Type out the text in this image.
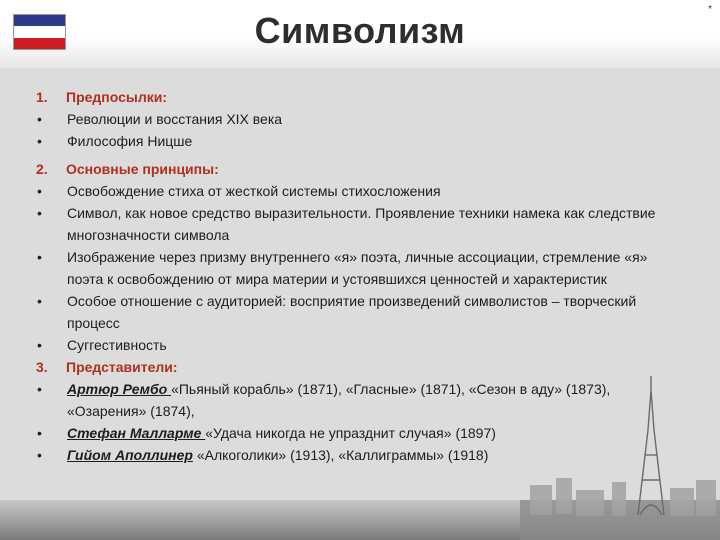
*
Символизм
1.	Предпосылки:
•	Революции и восстания XIX века
•	Философия Ницше
2.	Основные принципы:
•	Освобождение стиха от жесткой системы стихосложения
•	Символ, как новое средство выразительности. Проявление техники намека как следствие многозначности символа
•	Изображение через призму внутреннего «я» поэта, личные ассоциации, стремление «я» поэта к освобождению от мира материи и устоявшихся ценностей и характеристик
•	Особое отношение с аудиторией: восприятие произведений символистов – творческий процесс
•	Суггестивность
3.	Представители:
•	Артюр Рембо «Пьяный корабль» (1871), «Гласные» (1871), «Сезон в аду» (1873), «Озарения» (1874),
•	Стефан Малларме «Удача никогда не упразднит случая» (1897)
•	Гийом Аполлинер «Алкоголики» (1913), «Каллиграммы» (1918)
